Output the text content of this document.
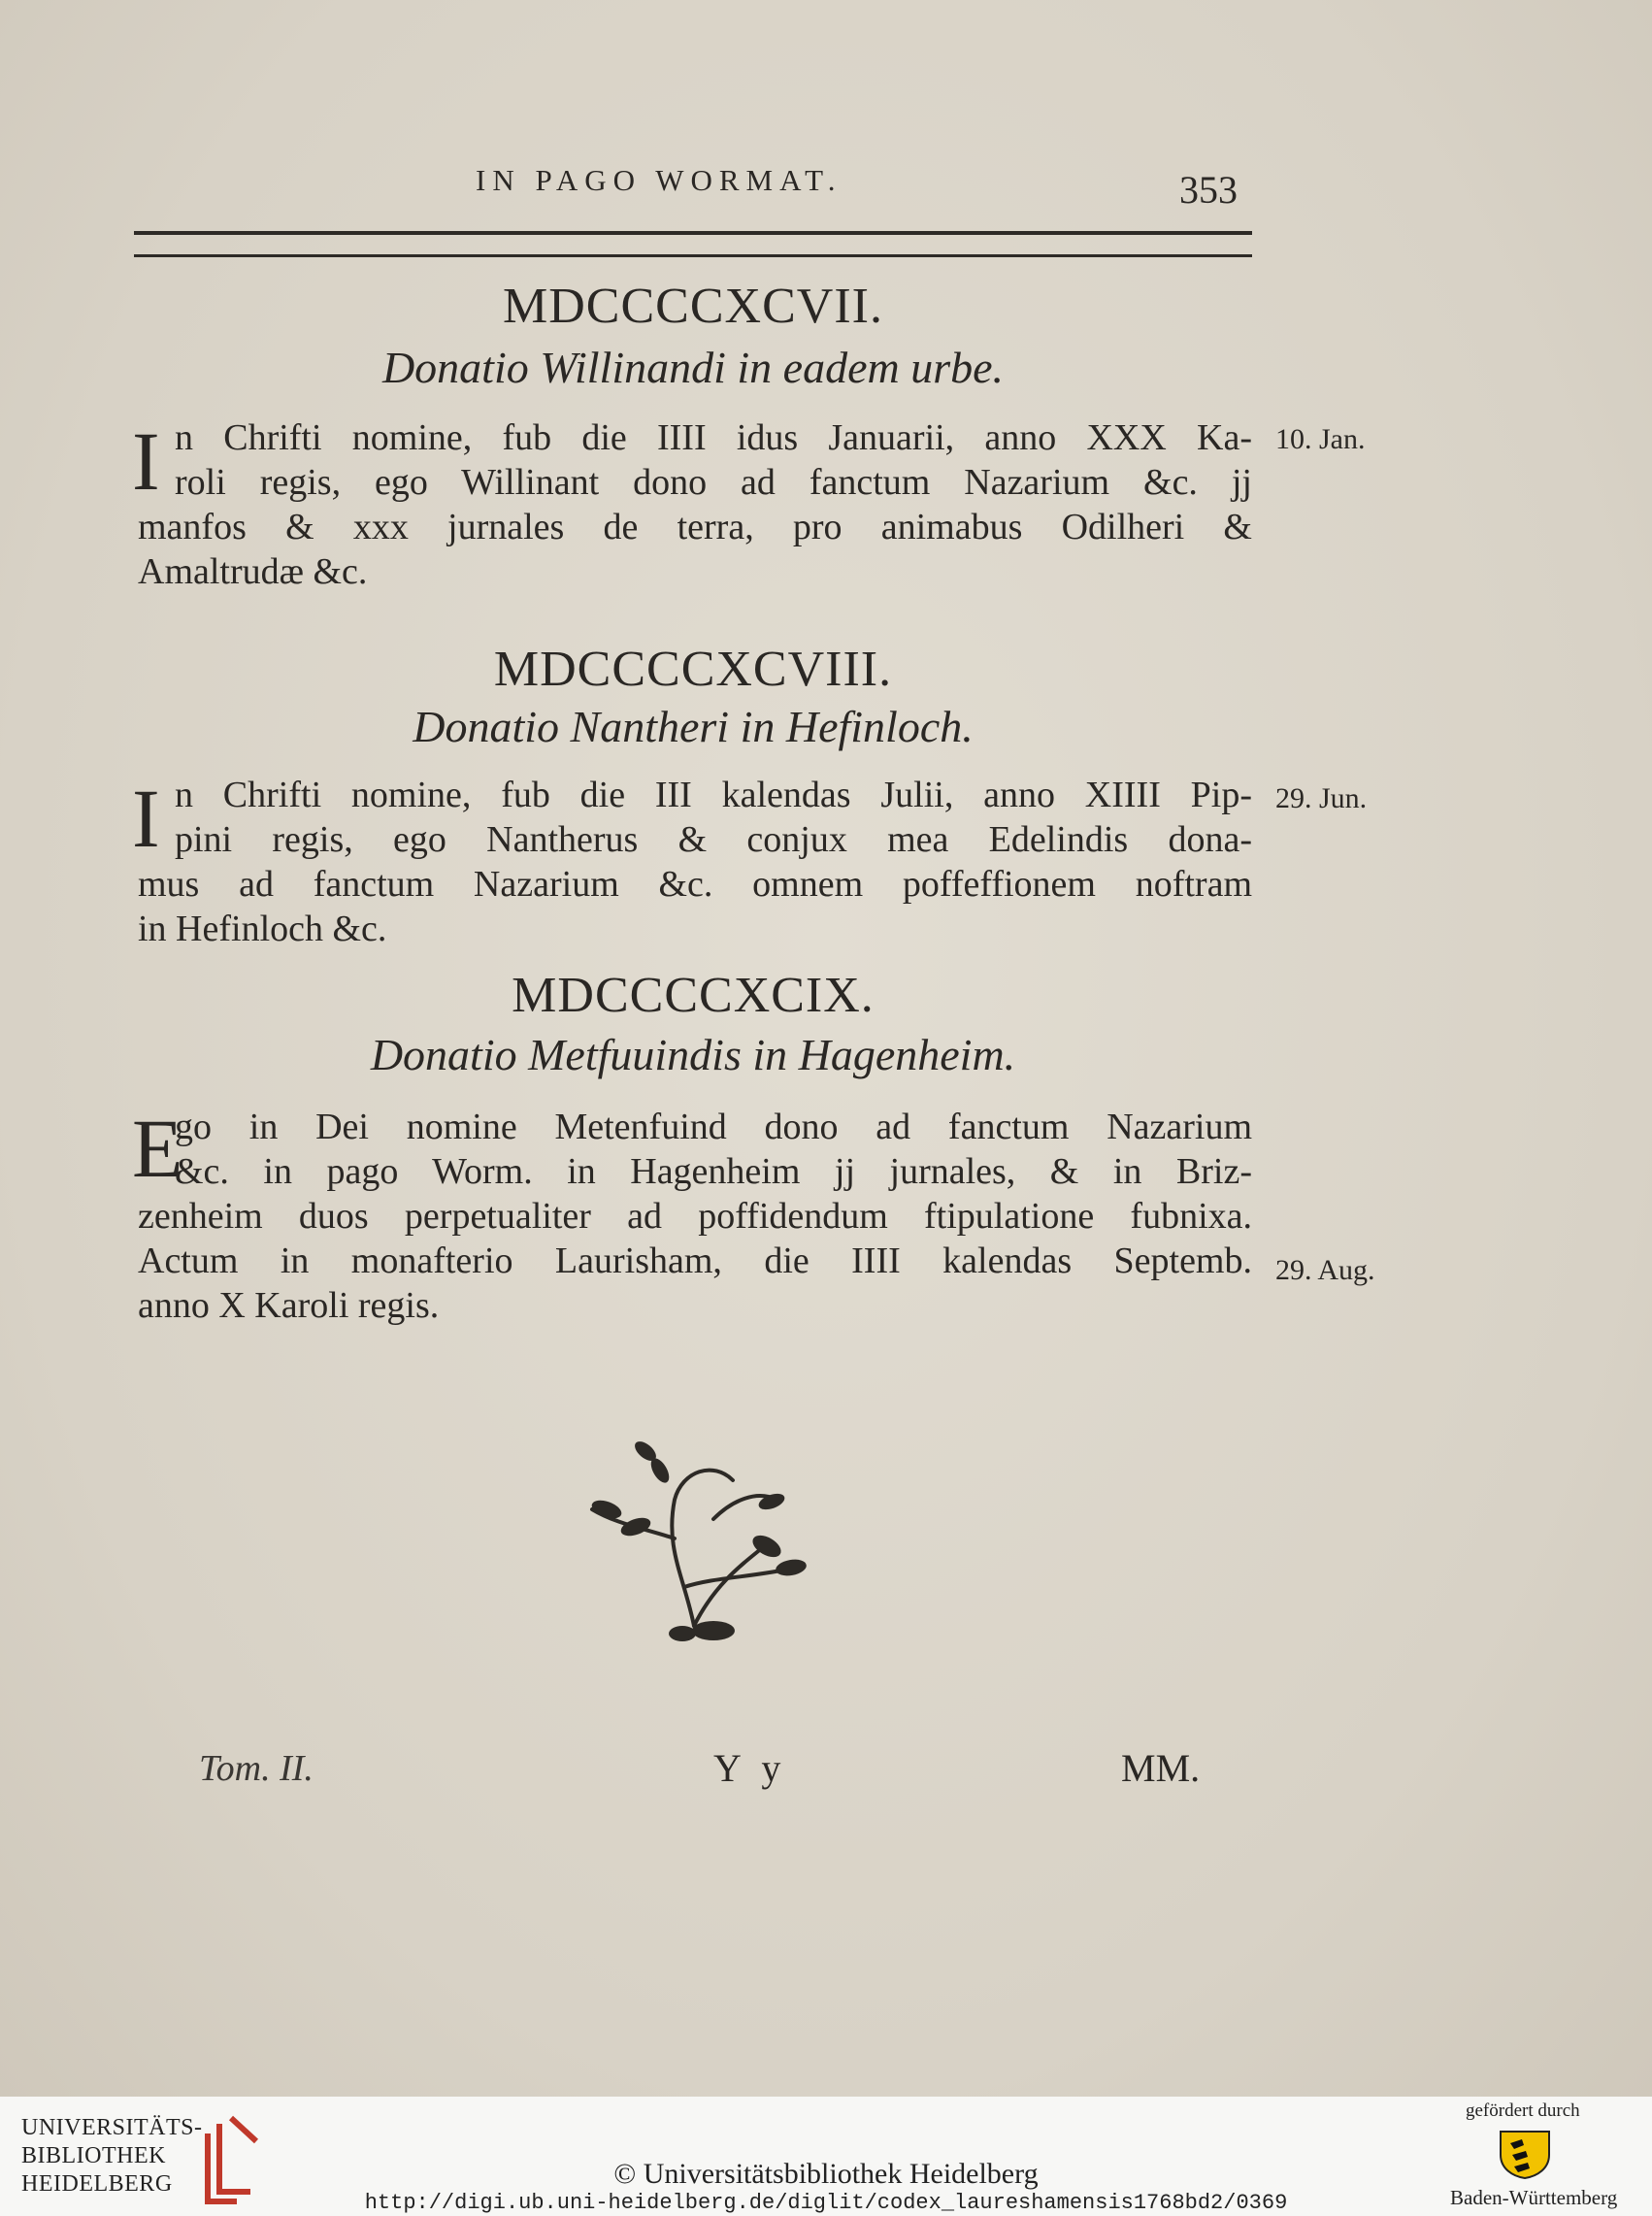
IN PAGO WORMAT.	353
MDCCCCXCVII.
Donatio Willinandi in eadem urbe.
I n Chrifti nomine, fub die IIII idus Januarii, anno XXX Ka-
roli regis, ego Willinant dono ad fanctum Nazarium &c. jj
manfos & xxx jurnales de terra, pro animabus Odilheri &
Amaltrudæ &c.
10. Jan.
MDCCCCXCVIII.
Donatio Nantheri in Hefinloch.
I n Chrifti nomine, fub die III kalendas Julii, anno XIIII Pip-
pini regis, ego Nantherus & conjux mea Edelindis dona-
mus ad fanctum Nazarium &c. omnem poffeffionem noftram
in Hefinloch &c.
29. Jun.
MDCCCCXCIX.
Donatio Metfuuindis in Hagenheim.
E
go in Dei nomine Metenfuind dono ad fanctum Nazarium
&c. in pago Worm. in Hagenheim jj jurnales, & in Briz-
zenheim duos perpetualiter ad poffidendum ftipulatione fubnixa.
Actum in monafterio Laurisham, die IIII kalendas Septemb.
anno X Karoli regis.
29. Aug.
Tom. II.	Y y	MM.
UNIVERSITÄTS-
BIBLIOTHEK
HEIDELBERG	© Universitätsbibliothek Heidelberg
http://digi.ub.uni-heidelberg.de/diglit/codex_laureshamensis1768bd2/0369
gefördert durch
Baden-Württemberg
